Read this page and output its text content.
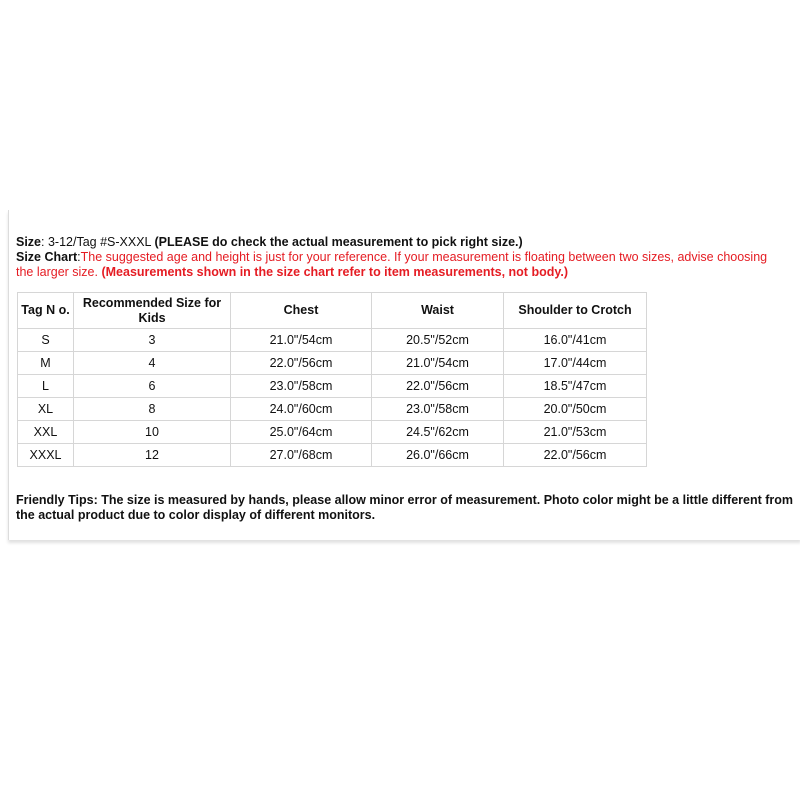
Size: 3-12/Tag #S-XXXL (PLEASE do check the actual measurement to pick right size.)
Size Chart:The suggested age and height is just for your reference. If your measurement is floating between two sizes, advise choosing the larger size. (Measurements shown in the size chart refer to item measurements, not body.)
Tag N o.	Recommended Size for Kids	Chest	Waist	Shoulder to Crotch
S	3	21.0"/54cm	20.5"/52cm	16.0"/41cm
M	4	22.0"/56cm	21.0"/54cm	17.0"/44cm
L	6	23.0"/58cm	22.0"/56cm	18.5"/47cm
XL	8	24.0"/60cm	23.0"/58cm	20.0"/50cm
XXL	10	25.0"/64cm	24.5"/62cm	21.0"/53cm
XXXL	12	27.0"/68cm	26.0"/66cm	22.0"/56cm
Friendly Tips: The size is measured by hands, please allow minor error of measurement. Photo color might be a little different from the actual product due to color display of different monitors.
